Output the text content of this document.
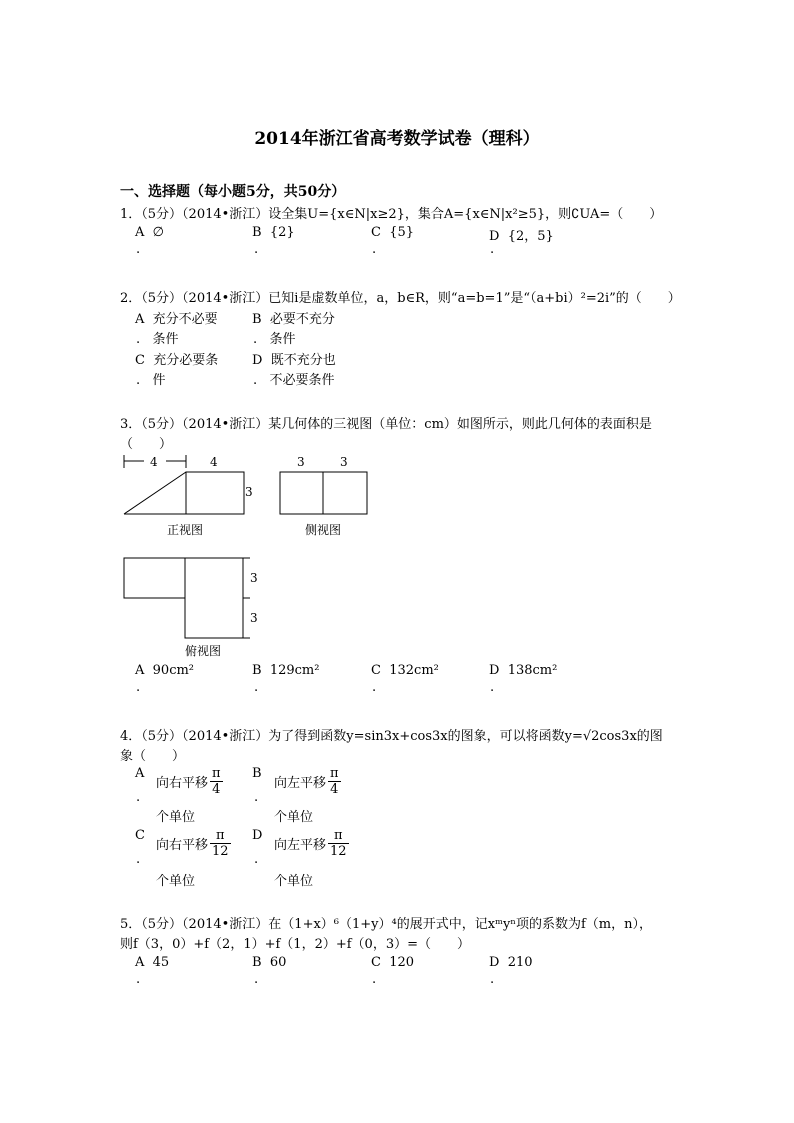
2014年浙江省高考数学试卷（理科）
一、选择题（每小题5分，共50分）
1．（5分）（2014•浙江）设全集U={x∈N|x≥2}，集合A={x∈N|x²≥5}，则∁UA=（　　）
A ∅	B {2}	C {5}	D {2，5}
.	.	.	.
2．（5分）（2014•浙江）已知i是虚数单位，a，b∈R，则“a=b=1”是“（a+bi）²=2i”的（　　）
A 充分不必要
.   条件
B 必要不充分
.   条件
C 充分必要条
.   件
D 既不充分也
.   不必要条件
3．（5分）（2014•浙江）某几何体的三视图（单位：cm）如图所示，则此几何体的表面积是
（　　）
4	4
3
正视图
3	3
侧视图
3
3
俯视图
A 90cm²	B 129cm²	C 132cm²	D 138cm²
.	.	.	.
4．（5分）（2014•浙江）为了得到函数y=sin3x+cos3x的图象，可以将函数y=√2cos3x的图
象（　　）
A
.
向右平移 $\frac{\pi}{4}$
个单位
B
.
向左平移 $\frac{\pi}{4}$
个单位
C
.
向右平移 $\frac{\pi}{12}$
个单位
D
.
向左平移 $\frac{\pi}{12}$
个单位
5．（5分）（2014•浙江）在（1+x）⁶（1+y）⁴的展开式中，记xᵐyⁿ项的系数为f（m，n），
则f（3，0）+f（2，1）+f（1，2）+f（0，3）=（　　）
A 45	B 60	C 120	D 210
.	.	.	.
